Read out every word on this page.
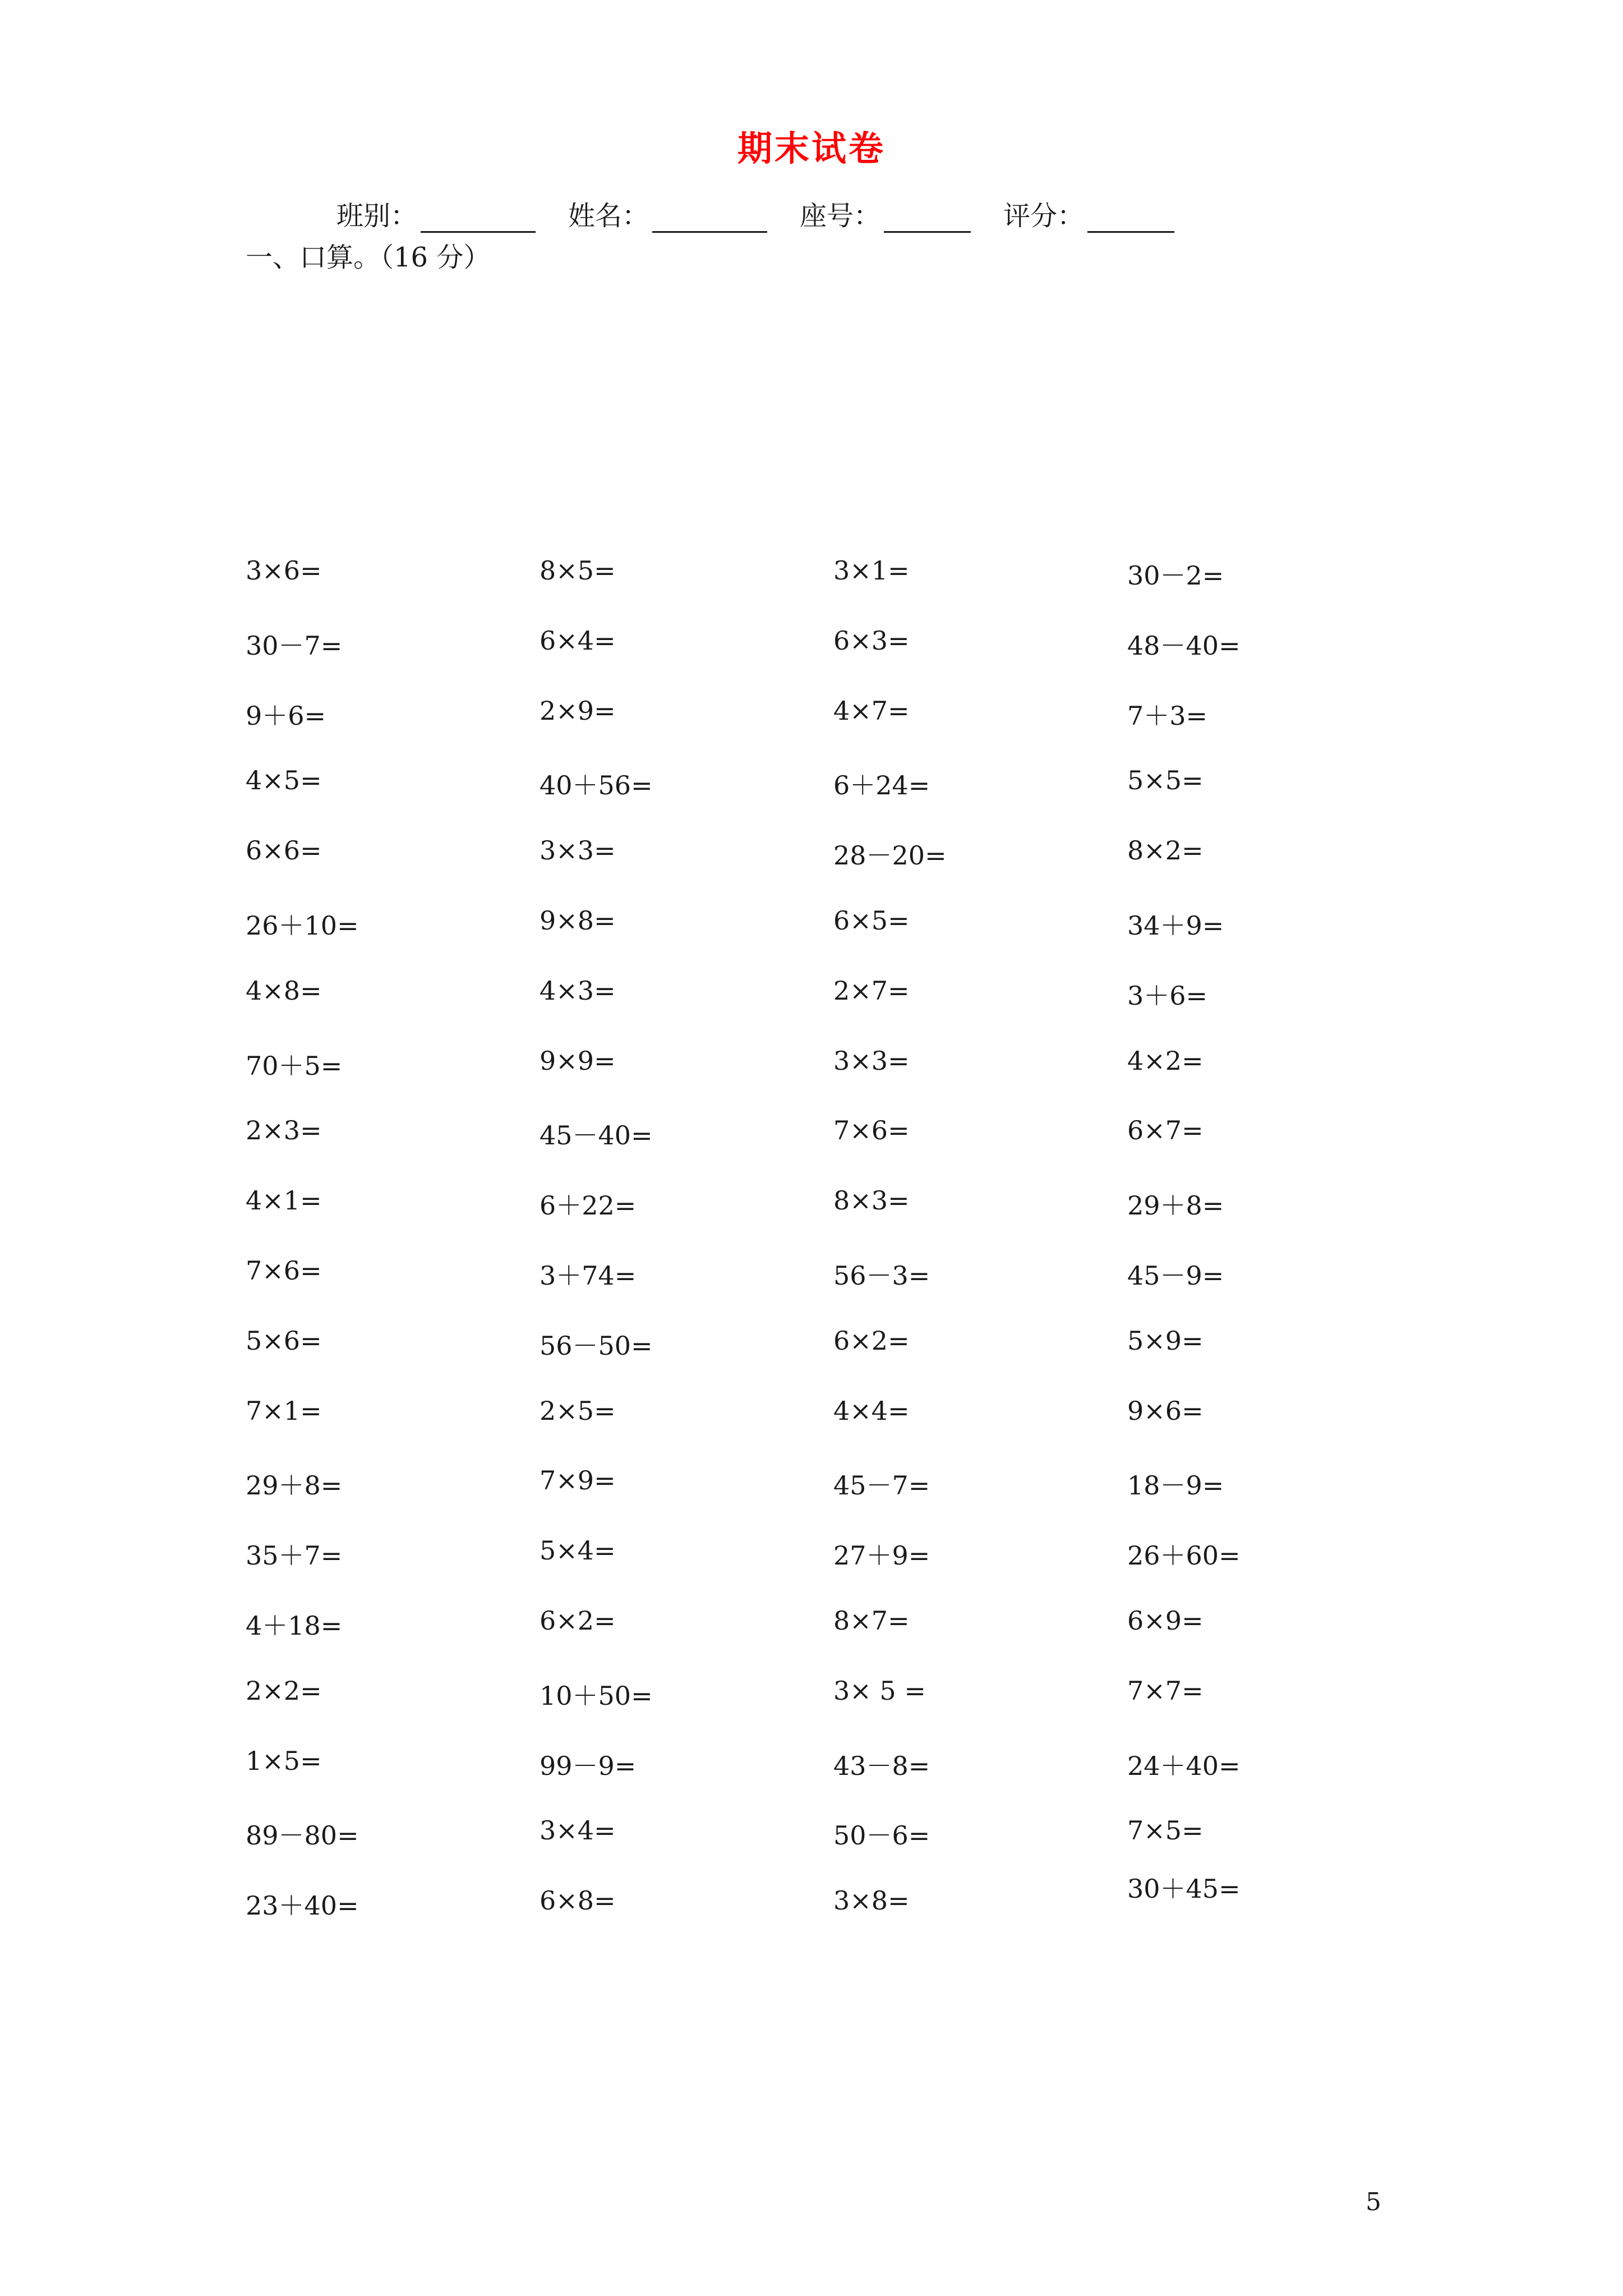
期末试卷
班别：	姓名：	座号：	评分：
一、口算。（16 分）
3×6=	8×5=	3×1=	30－2=
30－7=	6×4=	6×3=	48－40=
9＋6=	2×9=	4×7=	7＋3=
4×5=	40＋56=	6＋24=	5×5=
6×6=	3×3=	28－20=	8×2=
26＋10=	9×8=	6×5=	34＋9=
4×8=	4×3=	2×7=	3＋6=
70＋5=	9×9=	3×3=	4×2=
2×3=	45－40=	7×6=	6×7=
4×1=	6＋22=	8×3=	29＋8=
7×6=	3＋74=	56－3=	45－9=
5×6=	56－50=	6×2=	5×9=
7×1=	2×5=	4×4=	9×6=
29＋8=	7×9=	45－7=	18－9=
35＋7=	5×4=	27＋9=	26＋60=
4＋18=	6×2=	8×7=	6×9=
2×2=	10＋50=	3× 5 =	7×7=
1×5=	99－9=	43－8=	24＋40=
89－80=	3×4=	50－6=	7×5=
23＋40=	6×8=	3×8=	30＋45=
5
